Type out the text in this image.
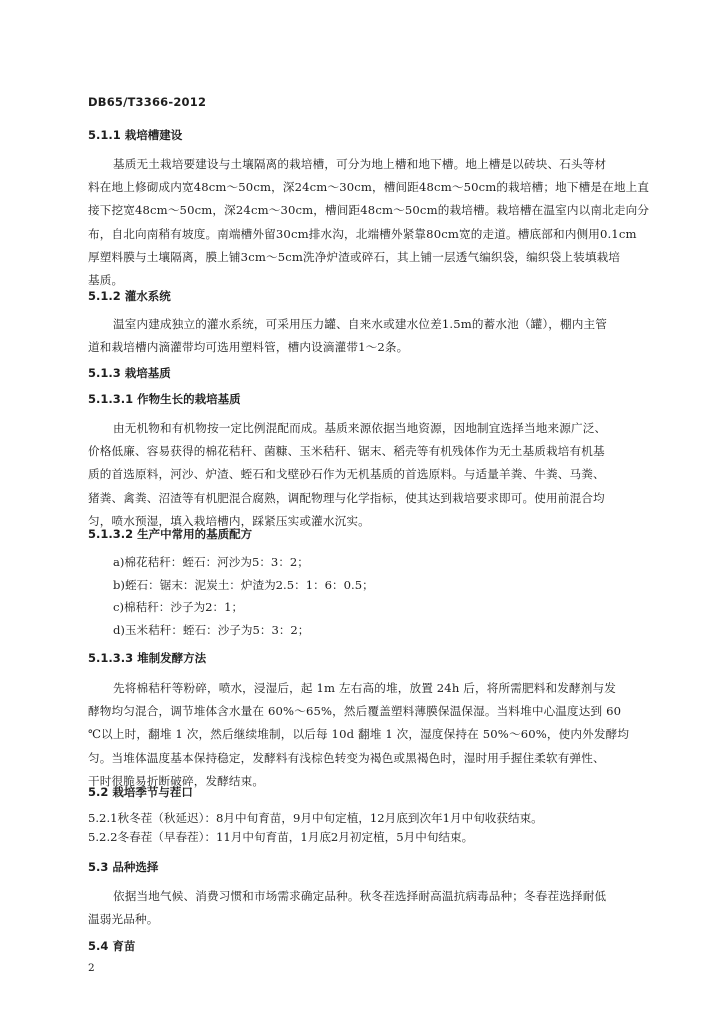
DB65/T3366-2012
5.1.1 栽培槽建设
基质无土栽培要建设与土壤隔离的栽培槽，可分为地上槽和地下槽。地上槽是以砖块、石头等材
料在地上修砌成内宽48cm～50cm，深24cm～30cm，槽间距48cm～50cm的栽培槽；地下槽是在地上直
接下挖宽48cm～50cm，深24cm～30cm，槽间距48cm～50cm的栽培槽。栽培槽在温室内以南北走向分
布，自北向南稍有坡度。南端槽外留30cm排水沟，北端槽外紧靠80cm宽的走道。槽底部和内侧用0.1cm
厚塑料膜与土壤隔离，膜上铺3cm～5cm洗净炉渣或碎石，其上铺一层透气编织袋，编织袋上装填栽培
基质。
5.1.2 灌水系统
温室内建成独立的灌水系统，可采用压力罐、自来水或建水位差1.5m的蓄水池（罐），棚内主管
道和栽培槽内滴灌带均可选用塑料管，槽内设滴灌带1～2条。
5.1.3 栽培基质
5.1.3.1 作物生长的栽培基质
由无机物和有机物按一定比例混配而成。基质来源依据当地资源，因地制宜选择当地来源广泛、
价格低廉、容易获得的棉花秸秆、菌糠、玉米秸秆、锯末、稻壳等有机残体作为无土基质栽培有机基
质的首选原料，河沙、炉渣、蛭石和戈壁砂石作为无机基质的首选原料。与适量羊粪、牛粪、马粪、
猪粪、禽粪、沼渣等有机肥混合腐熟，调配物理与化学指标，使其达到栽培要求即可。使用前混合均
匀，喷水预湿，填入栽培槽内，踩紧压实或灌水沉实。
5.1.3.2 生产中常用的基质配方
a)棉花秸秆：蛭石：河沙为5：3：2；
b)蛭石：锯末：泥炭土：炉渣为2.5：1：6：0.5；
c)棉秸秆：沙子为2：1；
d)玉米秸秆：蛭石：沙子为5：3：2；
5.1.3.3 堆制发酵方法
先将棉秸秆等粉碎，喷水，浸湿后，起 1m 左右高的堆，放置 24h 后，将所需肥料和发酵剂与发
酵物均匀混合，调节堆体含水量在 60%～65%，然后覆盖塑料薄膜保温保湿。当料堆中心温度达到 60
℃以上时，翻堆 1 次，然后继续堆制，以后每 10d 翻堆 1 次，湿度保持在 50%～60%，使内外发酵均
匀。当堆体温度基本保持稳定，发酵料有浅棕色转变为褐色或黑褐色时，湿时用手握住柔软有弹性、
干时很脆易折断破碎，发酵结束。
5.2 栽培季节与茬口
5.2.1秋冬茬（秋延迟）：8月中旬育苗，9月中旬定植，12月底到次年1月中旬收获结束。
5.2.2冬春茬（早春茬）：11月中旬育苗，1月底2月初定植，5月中旬结束。
5.3 品种选择
依据当地气候、消费习惯和市场需求确定品种。秋冬茬选择耐高温抗病毒品种；冬春茬选择耐低
温弱光品种。
5.4 育苗
2
